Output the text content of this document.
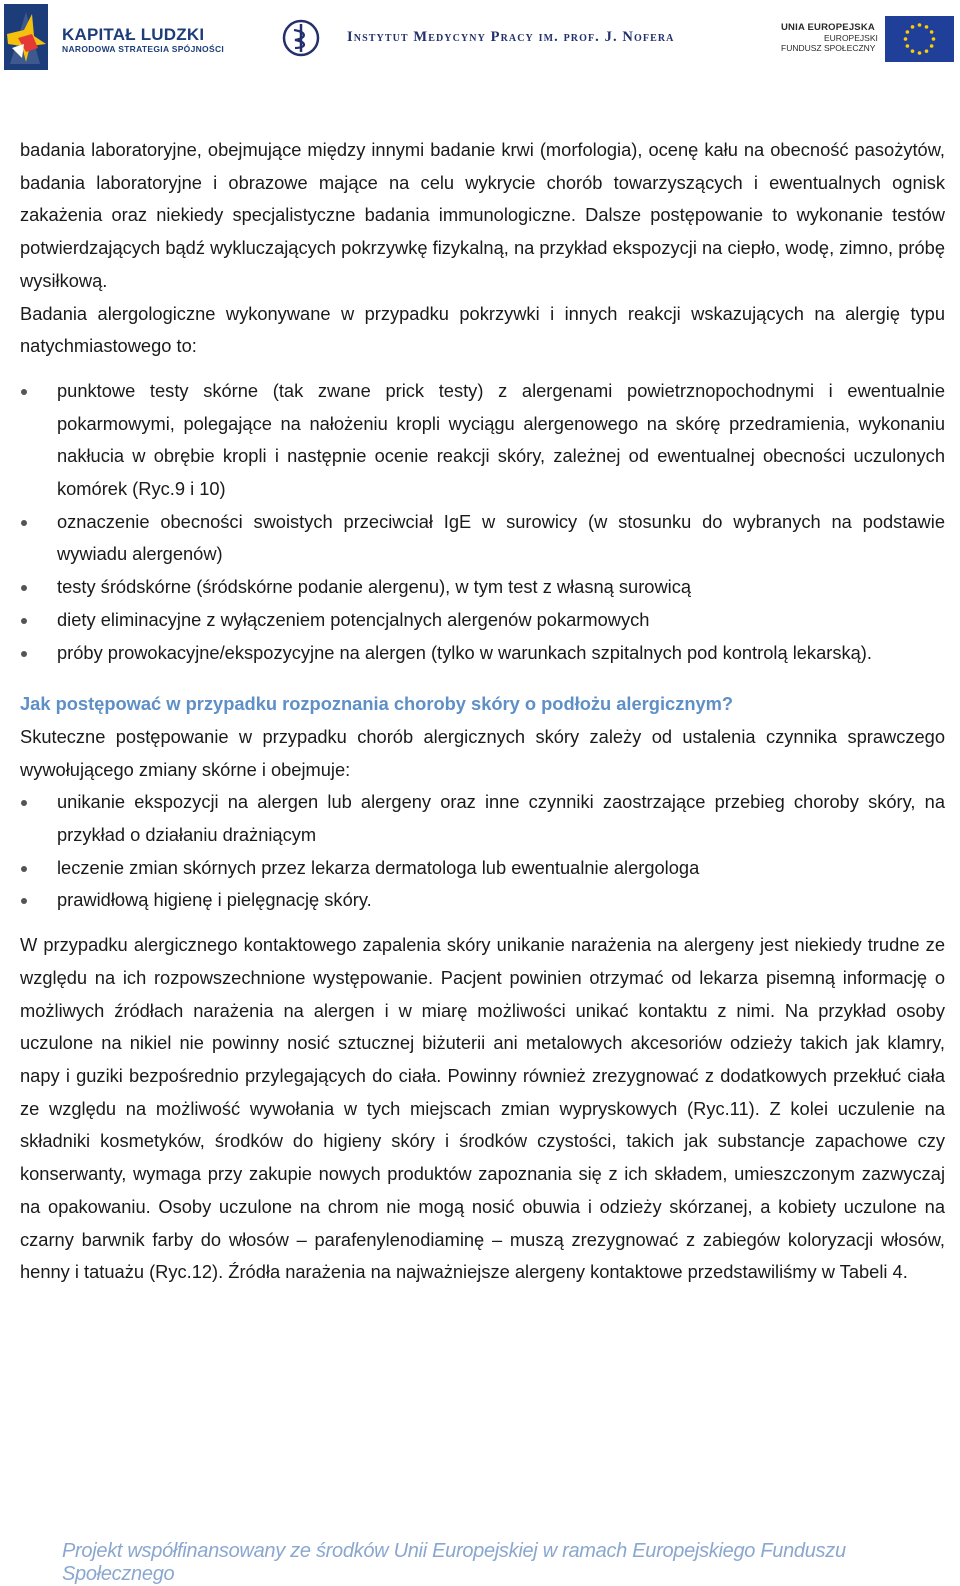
KAPITAŁ LUDZKI
NARODOWA STRATEGIA SPÓJNOŚCI
Instytut Medycyny Pracy im. prof. J. Nofera
UNIA EUROPEJSKA
EUROPEJSKI
FUNDUSZ SPOŁECZNY

badania laboratoryjne, obejmujące między innymi badanie krwi (morfologia), ocenę kału na obecność pasożytów, badania laboratoryjne i obrazowe mające na celu wykrycie chorób towarzyszących i ewentualnych ognisk zakażenia oraz niekiedy specjalistyczne badania immunologiczne. Dalsze postępowanie to wykonanie testów potwierdzających bądź wykluczających pokrzywkę fizykalną, na przykład ekspozycji na ciepło, wodę, zimno, próbę wysiłkową.

Badania alergologiczne wykonywane w przypadku pokrzywki i innych reakcji wskazujących na alergię typu natychmiastowego to:

punktowe testy skórne (tak zwane prick testy) z alergenami powietrznopochodnymi i ewentualnie pokarmowymi, polegające na nałożeniu kropli wyciągu alergenowego na skórę przedramienia, wykonaniu nakłucia w obrębie kropli i następnie ocenie reakcji skóry, zależnej od ewentualnej obecności uczulonych komórek (Ryc.9 i 10)
oznaczenie obecności swoistych przeciwciał IgE w surowicy (w stosunku do wybranych na podstawie wywiadu alergenów)
testy śródskórne (śródskórne podanie alergenu), w tym test z własną surowicą
diety eliminacyjne z wyłączeniem potencjalnych alergenów pokarmowych
próby prowokacyjne/ekspozycyjne na alergen (tylko w warunkach szpitalnych pod kontrolą lekarską).

Jak postępować w przypadku rozpoznania choroby skóry o podłożu alergicznym?

Skuteczne postępowanie w przypadku chorób alergicznych skóry zależy od ustalenia czynnika sprawczego wywołującego zmiany skórne i obejmuje:

unikanie ekspozycji na alergen lub alergeny oraz inne czynniki zaostrzające przebieg choroby skóry, na przykład o działaniu drażniącym
leczenie zmian skórnych przez lekarza dermatologa lub ewentualnie alergologa
prawidłową higienę i pielęgnację skóry.

W przypadku alergicznego kontaktowego zapalenia skóry unikanie narażenia na alergeny jest niekiedy trudne ze względu na ich rozpowszechnione występowanie. Pacjent powinien otrzymać od lekarza pisemną informację o możliwych źródłach narażenia na alergen i w miarę możliwości unikać kontaktu z nimi. Na przykład osoby uczulone na nikiel nie powinny nosić sztucznej biżuterii ani metalowych akcesoriów odzieży takich jak klamry, napy i guziki bezpośrednio przylegających do ciała. Powinny również zrezygnować z dodatkowych przekłuć ciała ze względu na możliwość wywołania w tych miejscach zmian wypryskowych (Ryc.11). Z kolei uczulenie na składniki kosmetyków, środków do higieny skóry i środków czystości, takich jak substancje zapachowe czy konserwanty, wymaga przy zakupie nowych produktów zapoznania się z ich składem, umieszczonym zazwyczaj na opakowaniu. Osoby uczulone na chrom nie mogą nosić obuwia i odzieży skórzanej, a kobiety uczulone na czarny barwnik farby do włosów – parafenylenodiaminę – muszą zrezygnować z zabiegów koloryzacji włosów, henny i tatuażu (Ryc.12). Źródła narażenia na najważniejsze alergeny kontaktowe przedstawiliśmy w Tabeli 4.

Projekt współfinansowany ze środków Unii Europejskiej w ramach Europejskiego Funduszu Społecznego
